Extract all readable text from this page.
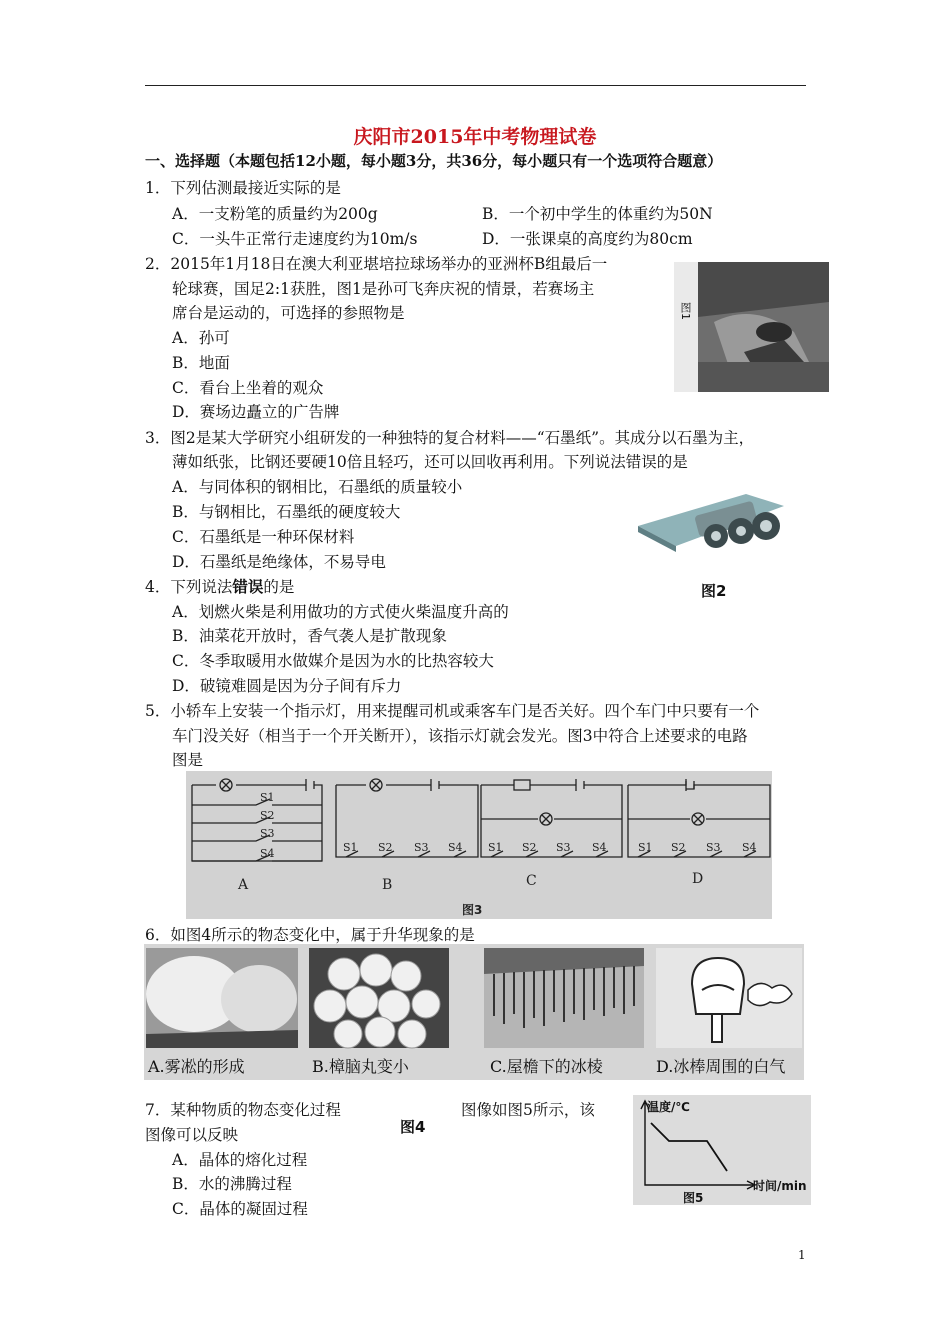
庆阳市2015年中考物理试卷
一、选择题（本题包括12小题，每小题3分，共36分，每小题只有一个选项符合题意）
1．下列估测最接近实际的是
A．一支粉笔的质量约为200g	B．一个初中学生的体重约为50N
C．一头牛正常行走速度约为10m/s	D．一张课桌的高度约为80cm
2．2015年1月18日在澳大利亚堪培拉球场举办的亚洲杯B组最后一
轮球赛，国足2:1获胜，图1是孙可飞奔庆祝的情景，若赛场主
席台是运动的，可选择的参照物是
A．孙可
B．地面
C．看台上坐着的观众
D．赛场边矗立的广告牌
图1
3．图2是某大学研究小组研发的一种独特的复合材料——“石墨纸”。其成分以石墨为主，
薄如纸张，比钢还要硬10倍且轻巧，还可以回收再利用。下列说法错误的是
A．与同体积的钢相比，石墨纸的质量较小
B．与钢相比，石墨纸的硬度较大
C．石墨纸是一种环保材料
D．石墨纸是绝缘体，不易导电
图2
4．下列说法错误的是
A．划燃火柴是利用做功的方式使火柴温度升高的
B．油菜花开放时，香气袭人是扩散现象
C．冬季取暖用水做媒介是因为水的比热容较大
D．破镜难圆是因为分子间有斥力
5．小轿车上安装一个指示灯，用来提醒司机或乘客车门是否关好。四个车门中只要有一个
车门没关好（相当于一个开关断开），该指示灯就会发光。图3中符合上述要求的电路
图是
S1
S2
S3
S4	S1 S2 S3 S4 S1 S2 S3 S4	S1 S2 S3 S4
A	B	C	D
图3
6．如图4所示的物态变化中，属于升华现象的是
A.雾凇的形成	B.樟脑丸变小	C.屋檐下的冰棱	D.冰棒周围的白气
7．某种物质的物态变化过程	图像如图5所示，该
图4
图像可以反映
A．晶体的熔化过程
B．水的沸腾过程
C．晶体的凝固过程
温度/℃
时间/min
图5
1
